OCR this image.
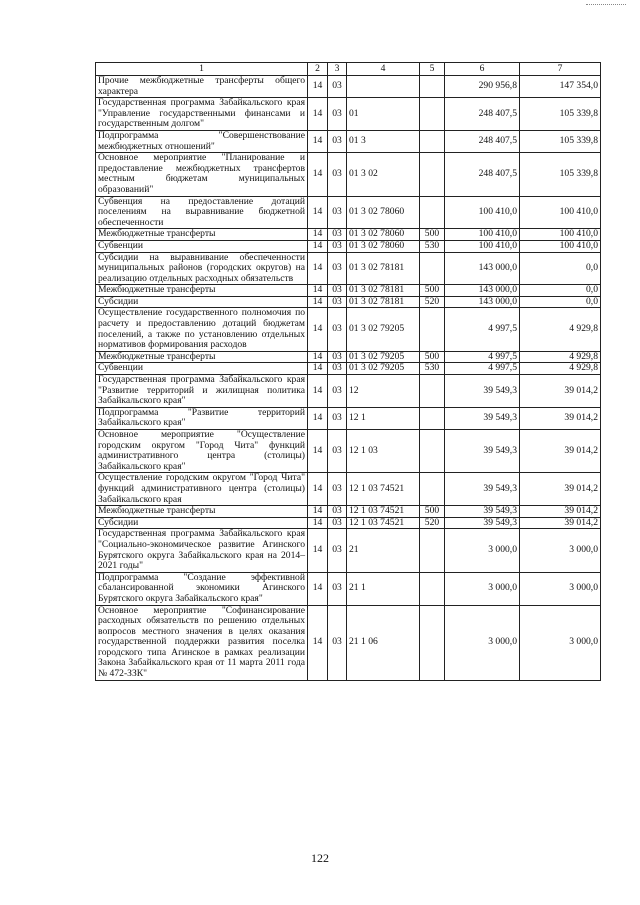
1	2	3	4	5	6	7
Прочие межбюджетные трансферты общего характера	14	03			290 956,8	147 354,0
Государственная программа Забайкальского края "Управление государственными финансами и государственным долгом"	14	03	01		248 407,5	105 339,8
Подпрограмма "Совершенствование межбюджетных отношений"	14	03	01 3		248 407,5	105 339,8
Основное мероприятие "Планирование и предоставление межбюджетных трансфертов местным бюджетам муниципальных образований"	14	03	01 3 02		248 407,5	105 339,8
Субвенция на предоставление дотаций поселениям на выравнивание бюджетной обеспеченности	14	03	01 3 02 78060		100 410,0	100 410,0
Межбюджетные трансферты	14	03	01 3 02 78060	500	100 410,0	100 410,0
Субвенции	14	03	01 3 02 78060	530	100 410,0	100 410,0
Субсидии на выравнивание обеспеченности муниципальных районов (городских округов) на реализацию отдельных расходных обязательств	14	03	01 3 02 78181		143 000,0	0,0
Межбюджетные трансферты	14	03	01 3 02 78181	500	143 000,0	0,0
Субсидии	14	03	01 3 02 78181	520	143 000,0	0,0
Осуществление государственного полномочия по расчету и предоставлению дотаций бюджетам поселений, а также по установлению отдельных нормативов формирования расходов	14	03	01 3 02 79205		4 997,5	4 929,8
Межбюджетные трансферты	14	03	01 3 02 79205	500	4 997,5	4 929,8
Субвенции	14	03	01 3 02 79205	530	4 997,5	4 929,8
Государственная программа Забайкальского края "Развитие территорий и жилищная политика Забайкальского края"	14	03	12		39 549,3	39 014,2
Подпрограмма "Развитие территорий Забайкальского края"	14	03	12 1		39 549,3	39 014,2
Основное мероприятие "Осуществление городским округом "Город Чита" функций административного центра (столицы) Забайкальского края"	14	03	12 1 03		39 549,3	39 014,2
Осуществление городским округом "Город Чита" функций административного центра (столицы) Забайкальского края	14	03	12 1 03 74521		39 549,3	39 014,2
Межбюджетные трансферты	14	03	12 1 03 74521	500	39 549,3	39 014,2
Субсидии	14	03	12 1 03 74521	520	39 549,3	39 014,2
Государственная программа Забайкальского края "Социально-экономическое развитие Агинского Бурятского округа Забайкальского края на 2014–2021 годы"	14	03	21		3 000,0	3 000,0
Подпрограмма "Создание эффективной сбалансированной экономики Агинского Бурятского округа Забайкальского края"	14	03	21 1		3 000,0	3 000,0
Основное мероприятие "Софинансирование расходных обязательств по решению отдельных вопросов местного значения в целях оказания государственной поддержки развития поселка городского типа Агинское в рамках реализации Закона Забайкальского края от 11 марта 2011 года № 472-ЗЗК"	14	03	21 1 06		3 000,0	3 000,0
122
